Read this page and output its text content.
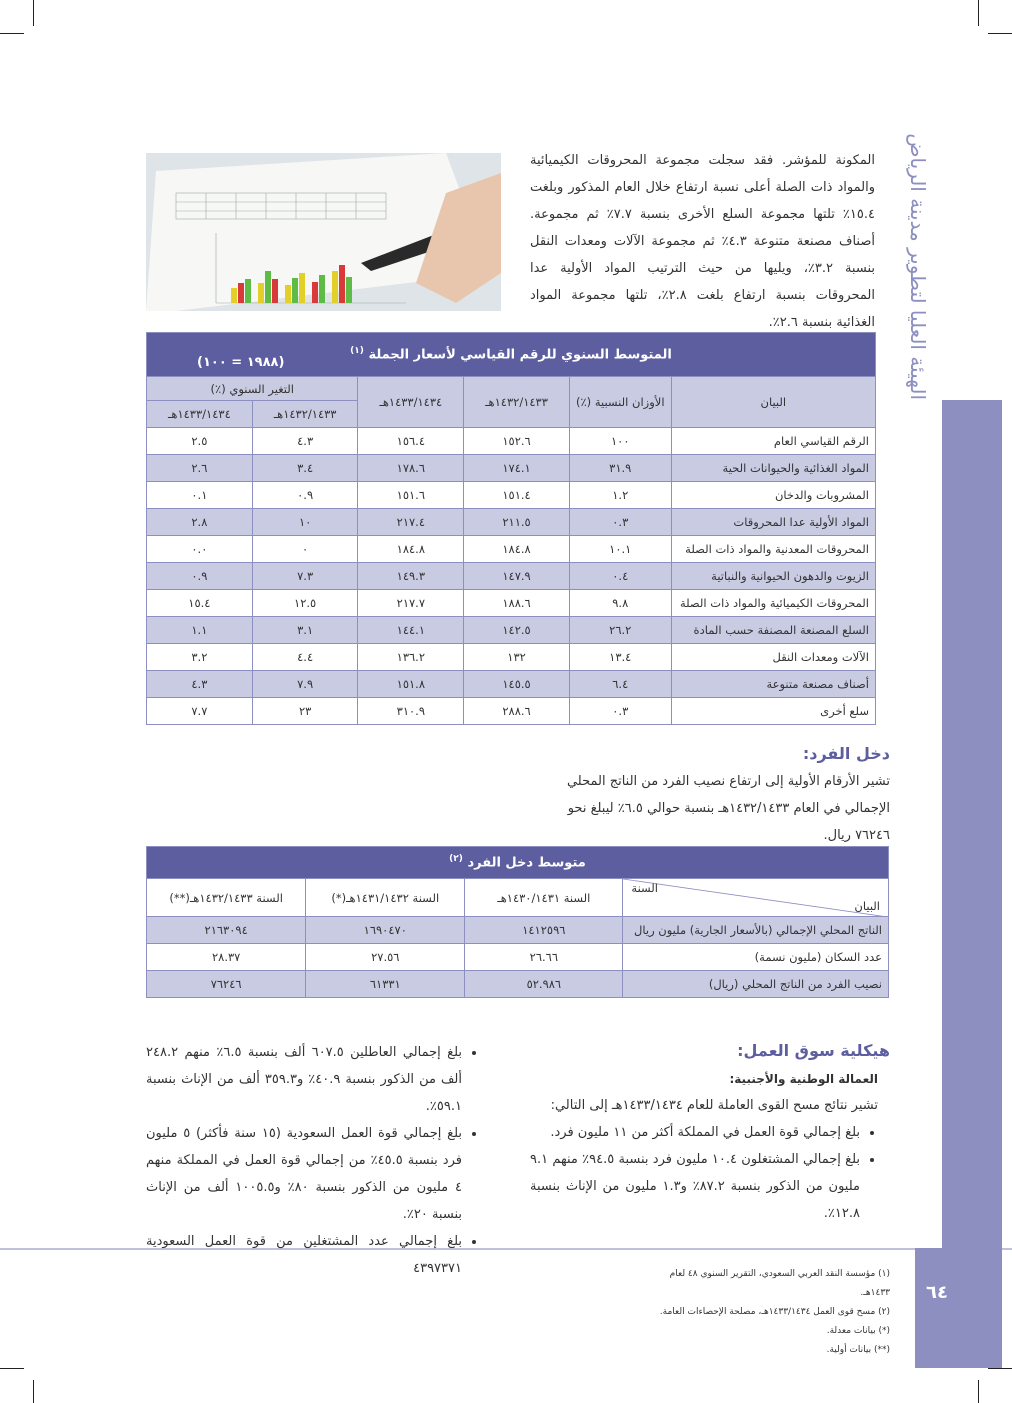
الهيئة العليا لتطوير مدينة الرياض
٦٤

المكونة للمؤشر. فقد سجلت مجموعة المحروقات الكيميائية والمواد ذات الصلة أعلى نسبة ارتفاع خلال العام المذكور وبلغت ١٥.٤٪ تلتها مجموعة السلع الأخرى بنسبة ٧.٧٪ ثم مجموعة. أصناف مصنعة متنوعة ٤.٣٪ ثم مجموعة الآلات ومعدات النقل بنسبة ٣.٢٪، ويليها من حيث الترتيب المواد الأولية عدا المحروقات بنسبة ارتفاع بلغت ٢.٨٪، تلتها مجموعة المواد الغذائية بنسبة ٢.٦٪.

المتوسط السنوي للرقم القياسي لأسعار الجملة $^{(١)}$
(١٩٨٨ = ١٠٠)					

البيان	الأوزان النسبية (٪)	١٤٣٢/١٤٣٣هـ	١٤٣٣/١٤٣٤هـ	التغير السنوي (٪)	
				١٤٣٢/١٤٣٣هـ	١٤٣٣/١٤٣٤هـ
الرقم القياسي العام	١٠٠	١٥٢.٦	١٥٦.٤	٤.٣	٢.٥
المواد الغذائية والحيوانات الحية	٣١.٩	١٧٤.١	١٧٨.٦	٣.٤	٢.٦
المشروبات والدخان	١.٢	١٥١.٤	١٥١.٦	٠.٩	٠.١
المواد الأولية عدا المحروقات	٠.٣	٢١١.٥	٢١٧.٤	١٠	٢.٨
المحروقات المعدنية والمواد ذات الصلة	١٠.١	١٨٤.٨	١٨٤.٨	٠	٠.٠
الزيوت والدهون الحيوانية والنباتية	٠.٤	١٤٧.٩	١٤٩.٣	٧.٣	٠.٩
المحروقات الكيميائية والمواد ذات الصلة	٩.٨	١٨٨.٦	٢١٧.٧	١٢.٥	١٥.٤
السلع المصنعة المصنفة حسب المادة	٢٦.٢	١٤٢.٥	١٤٤.١	٣.١	١.١
الآلات ومعدات النقل	١٣.٤	١٣٢	١٣٦.٢	٤.٤	٣.٢
أصناف مصنعة متنوعة	٦.٤	١٤٥.٥	١٥١.٨	٧.٩	٤.٣
سلع أخرى	٠.٣	٢٨٨.٦	٣١٠.٩	٢٣	٧.٧
دخل الفرد:

تشير الأرقام الأولية إلى ارتفاع نصيب الفرد من الناتج المحلي الإجمالي في العام ١٤٣٢/١٤٣٣هـ بنسبة حوالي ٦.٥٪ ليبلغ نحو ٧٦٢٤٦ ريال.

متوسط دخل الفرد $^{(٢)}$

البيان
السنة	السنة ١٤٣٠/١٤٣١هـ	السنة ١٤٣١/١٤٣٢هـ(*)	السنة ١٤٣٢/١٤٣٣هـ(**)
الناتج المحلي الإجمالي (بالأسعار الجارية) مليون ريال	١٤١٢٥٩٦	١٦٩٠٤٧٠	٢١٦٣٠٩٤
عدد السكان (مليون نسمة)	٢٦.٦٦	٢٧.٥٦	٢٨.٣٧
نصيب الفرد من الناتج المحلي (ريال)	٥٢.٩٨٦	٦١٣٣١	٧٦٢٤٦
هيكلية سوق العمل:
العمالة الوطنية والأجنبية:

تشير نتائج مسح القوى العاملة للعام ١٤٣٣/١٤٣٤هـ إلى التالي:

• بلغ إجمالي قوة العمل في المملكة أكثر من ١١ مليون فرد.
• بلغ إجمالي المشتغلون ١٠.٤ مليون فرد بنسبة ٩٤.٥٪ منهم ٩.١ مليون من الذكور بنسبة ٨٧.٢٪ و١.٣ مليون من الإناث بنسبة ١٢.٨٪.
• بلغ إجمالي العاطلين ٦٠٧.٥ ألف بنسبة ٦.٥٪ منهم ٢٤٨.٢ ألف من الذكور بنسبة ٤٠.٩٪ و٣٥٩.٣ ألف من الإناث بنسبة ٥٩.١٪.
• بلغ إجمالي قوة العمل السعودية (١٥ سنة فأكثر) ٥ مليون فرد بنسبة ٤٥.٥٪ من إجمالي قوة العمل في المملكة منهم ٤ مليون من الذكور بنسبة ٨٠٪ و١٠٠٥.٥ ألف من الإناث بنسبة ٢٠٪.
• بلغ إجمالي عدد المشتغلين من قوة العمل السعودية ٤٣٩٧٣٧١	(١) مؤسسة النقد العربي السعودي، التقرير السنوي ٤٨ لعام ١٤٣٣هـ.
(٢) مسح قوى العمل ١٤٣٣/١٤٣٤هـ، مصلحة الإحصاءات العامة.
(*) بيانات معدلة.
(**) بيانات أولية.
